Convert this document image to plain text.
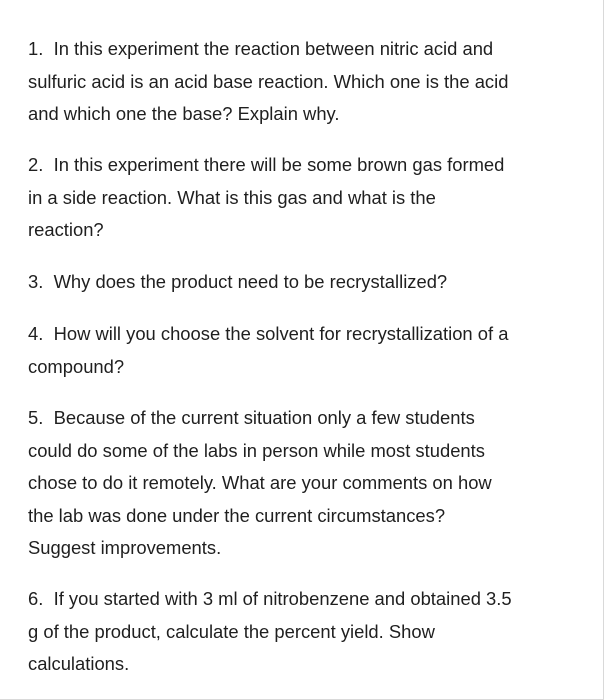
1. In this experiment the reaction between nitric acid and
sulfuric acid is an acid base reaction. Which one is the acid
and which one the base? Explain why.
2. In this experiment there will be some brown gas formed
in a side reaction. What is this gas and what is the
reaction?
3. Why does the product need to be recrystallized?
4. How will you choose the solvent for recrystallization of a
compound?
5. Because of the current situation only a few students
could do some of the labs in person while most students
chose to do it remotely. What are your comments on how
the lab was done under the current circumstances?
Suggest improvements.
6. If you started with 3 ml of nitrobenzene and obtained 3.5
g of the product, calculate the percent yield. Show
calculations.
